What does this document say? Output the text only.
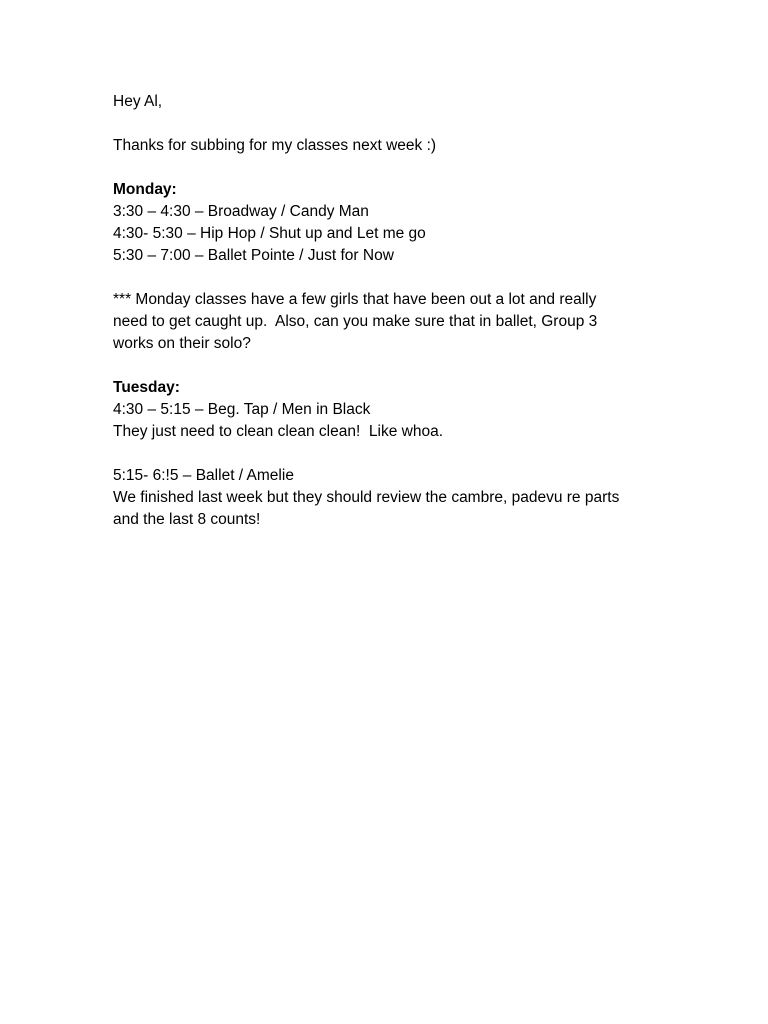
Hey Al,
Thanks for subbing for my classes next week :)
Monday:
3:30 – 4:30 – Broadway / Candy Man
4:30- 5:30 – Hip Hop / Shut up and Let me go
5:30 – 7:00 – Ballet Pointe / Just for Now
*** Monday classes have a few girls that have been out a lot and really
need to get caught up.  Also, can you make sure that in ballet, Group 3
works on their solo?
Tuesday:
4:30 – 5:15 – Beg. Tap / Men in Black
They just need to clean clean clean!  Like whoa.
5:15- 6:!5 – Ballet / Amelie
We finished last week but they should review the cambre, padevu re parts
and the last 8 counts!
